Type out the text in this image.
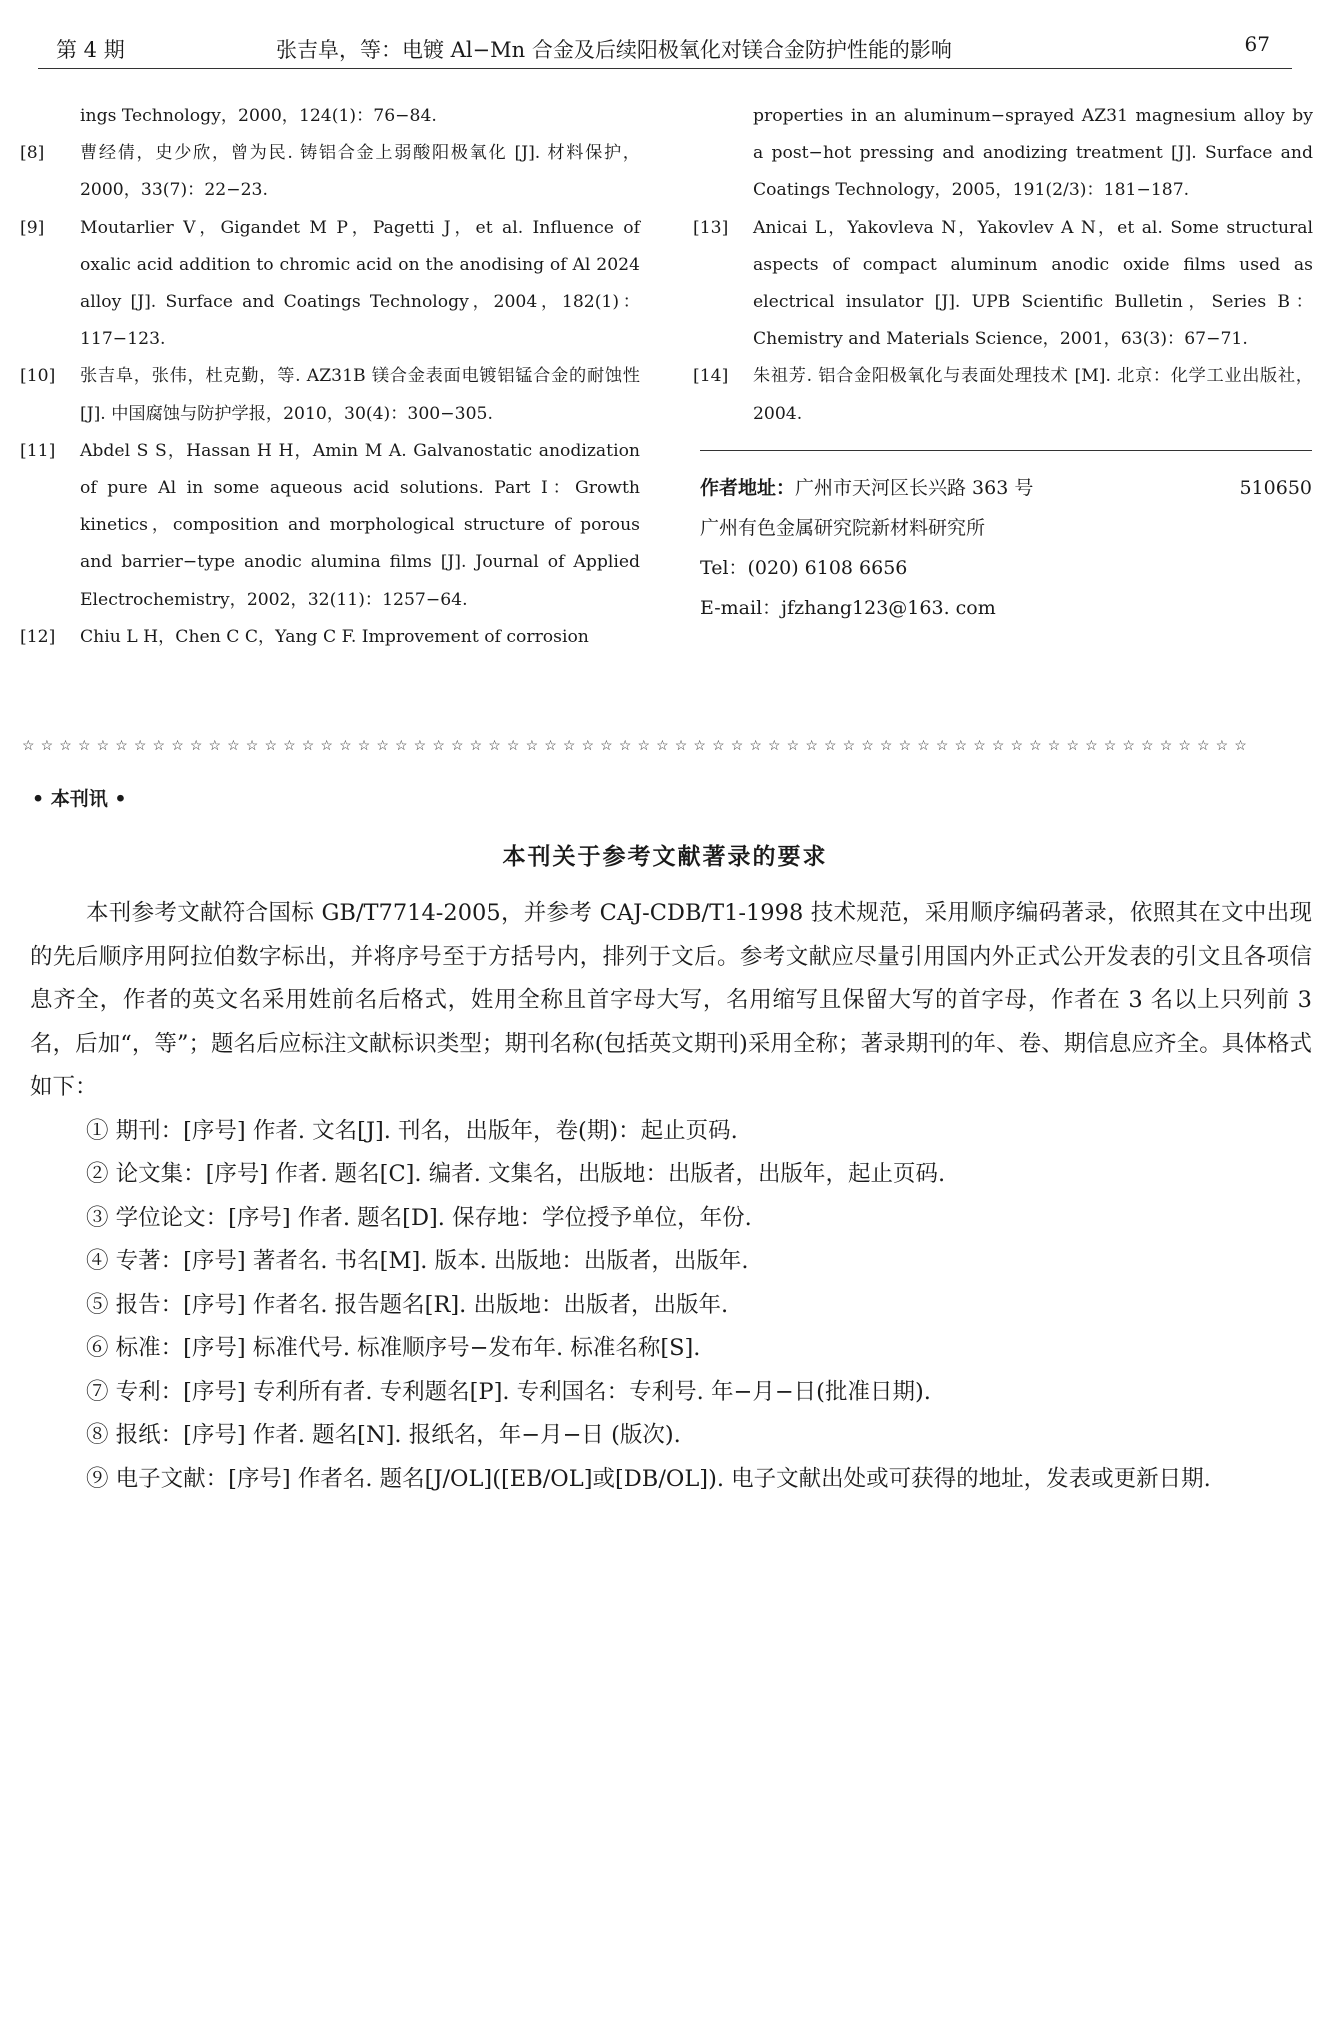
第 4 期	张吉阜，等：电镀 Al−Mn 合金及后续阳极氧化对镁合金防护性能的影响	67
ings Technology，2000，124(1)：76−84.
[8] 曹经倩，史少欣，曾为民. 铸铝合金上弱酸阳极氧化 [J]. 材料保护，2000，33(7)：22−23.
[9] Moutarlier V，Gigandet M P，Pagetti J，et al. Influence of oxalic acid addition to chromic acid on the anodising of Al 2024 alloy [J]. Surface and Coatings Technology，2004，182(1)：117−123.
[10] 张吉阜，张伟，杜克勤，等. AZ31B 镁合金表面电镀铝锰合金的耐蚀性 [J]. 中国腐蚀与防护学报，2010，30(4)：300−305.
[11] Abdel S S，Hassan H H，Amin M A. Galvanostatic anodization of pure Al in some aqueous acid solutions. Part I：Growth kinetics，composition and morphological structure of porous and barrier−type anodic alumina films [J]. Journal of Applied Electrochemistry，2002，32(11)：1257−64.
[12] Chiu L H，Chen C C，Yang C F. Improvement of corrosion
properties in an aluminum−sprayed AZ31 magnesium alloy by a post−hot pressing and anodizing treatment [J]. Surface and Coatings Technology，2005，191(2/3)：181−187.
[13] Anicai L，Yakovleva N，Yakovlev A N，et al. Some structural aspects of compact aluminum anodic oxide films used as electrical insulator [J]. UPB Scientific Bulletin，Series B：Chemistry and Materials Science，2001，63(3)：67−71.
[14] 朱祖芳. 铝合金阳极氧化与表面处理技术 [M]. 北京：化学工业出版社，2004.
作者地址：广州市天河区长兴路 363 号	510650
广州有色金属研究院新材料研究所
Tel：(020) 6108 6656
E-mail：jfzhang123@163. com
☆☆☆☆☆☆☆☆☆☆☆☆☆☆☆☆☆☆☆☆☆☆☆☆☆☆☆☆☆☆☆☆☆☆☆☆☆☆☆☆☆☆☆☆☆☆☆☆☆☆☆☆☆☆☆☆☆☆☆☆☆☆☆☆☆☆
• 本刊讯 •
本刊关于参考文献著录的要求

本刊参考文献符合国标 GB/T7714-2005，并参考 CAJ-CDB/T1-1998 技术规范，采用顺序编码著录，依照其在文中出现的先后顺序用阿拉伯数字标出，并将序号至于方括号内，排列于文后。参考文献应尽量引用国内外正式公开发表的引文且各项信息齐全，作者的英文名采用姓前名后格式，姓用全称且首字母大写，名用缩写且保留大写的首字母，作者在 3 名以上只列前 3 名，后加“，等”；题名后应标注文献标识类型；期刊名称(包括英文期刊)采用全称；著录期刊的年、卷、期信息应齐全。具体格式如下：

① 期刊：[序号] 作者. 文名[J]. 刊名，出版年，卷(期)：起止页码.

② 论文集：[序号] 作者. 题名[C]. 编者. 文集名，出版地：出版者，出版年，起止页码.

③ 学位论文：[序号] 作者. 题名[D]. 保存地：学位授予单位，年份.

④ 专著：[序号] 著者名. 书名[M]. 版本. 出版地：出版者，出版年.

⑤ 报告：[序号] 作者名. 报告题名[R]. 出版地：出版者，出版年.

⑥ 标准：[序号] 标准代号. 标准顺序号−发布年. 标准名称[S].

⑦ 专利：[序号] 专利所有者. 专利题名[P]. 专利国名：专利号. 年−月−日(批准日期).

⑧ 报纸：[序号] 作者. 题名[N]. 报纸名，年−月−日 (版次).

⑨ 电子文献：[序号] 作者名. 题名[J/OL]([EB/OL]或[DB/OL]). 电子文献出处或可获得的地址，发表或更新日期.
